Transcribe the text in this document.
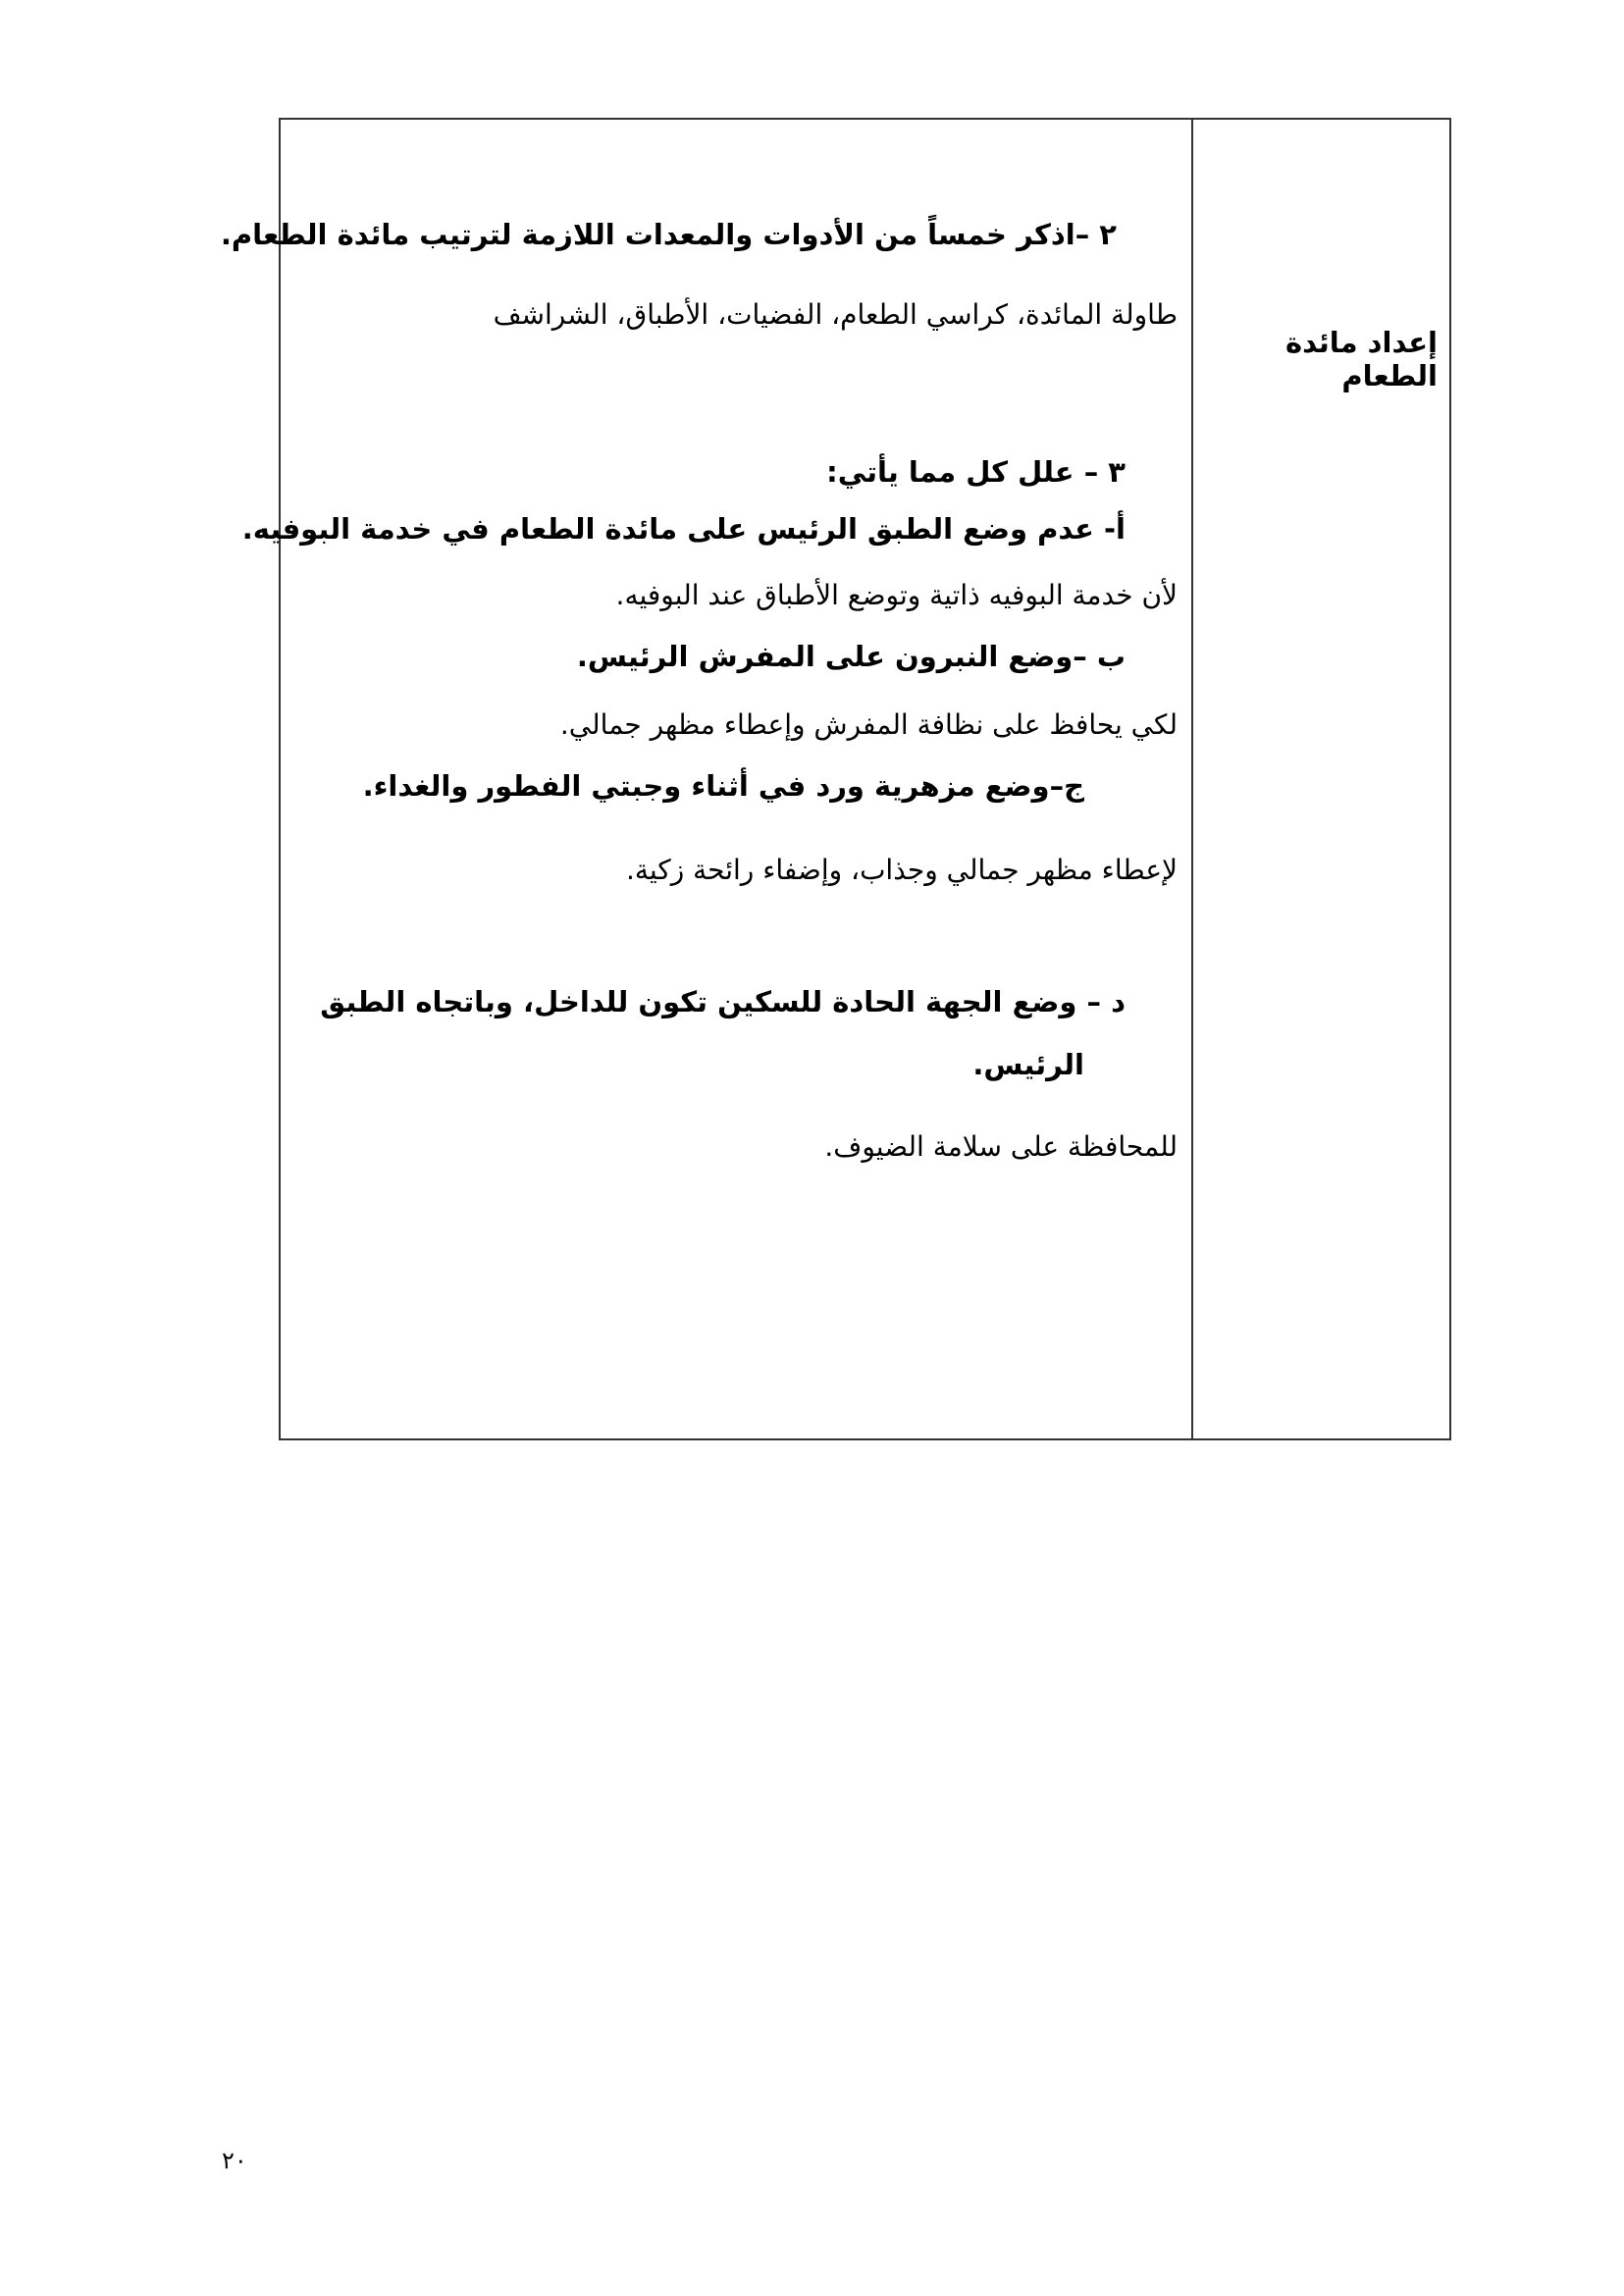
إعداد مائدة الطعام
٢ –اذكر خمساً من الأدوات والمعدات اللازمة لترتيب مائدة الطعام.
طاولة المائدة، كراسي الطعام، الفضيات، الأطباق، الشراشف
٣ – علل كل مما يأتي:
أ- عدم وضع الطبق الرئيس على مائدة الطعام في خدمة البوفيه.
لأن خدمة البوفيه ذاتية وتوضع الأطباق عند البوفيه.
ب –وضع النبرون على المفرش الرئيس.
لكي يحافظ على نظافة المفرش وإعطاء مظهر جمالي.
ج–وضع مزهرية ورد في أثناء وجبتي الفطور والغداء.
لإعطاء مظهر جمالي وجذاب، وإضفاء رائحة زكية.
د – وضع الجهة الحادة للسكين تكون للداخل، وباتجاه الطبق
الرئيس.
للمحافظة على سلامة الضيوف.
٢٠
